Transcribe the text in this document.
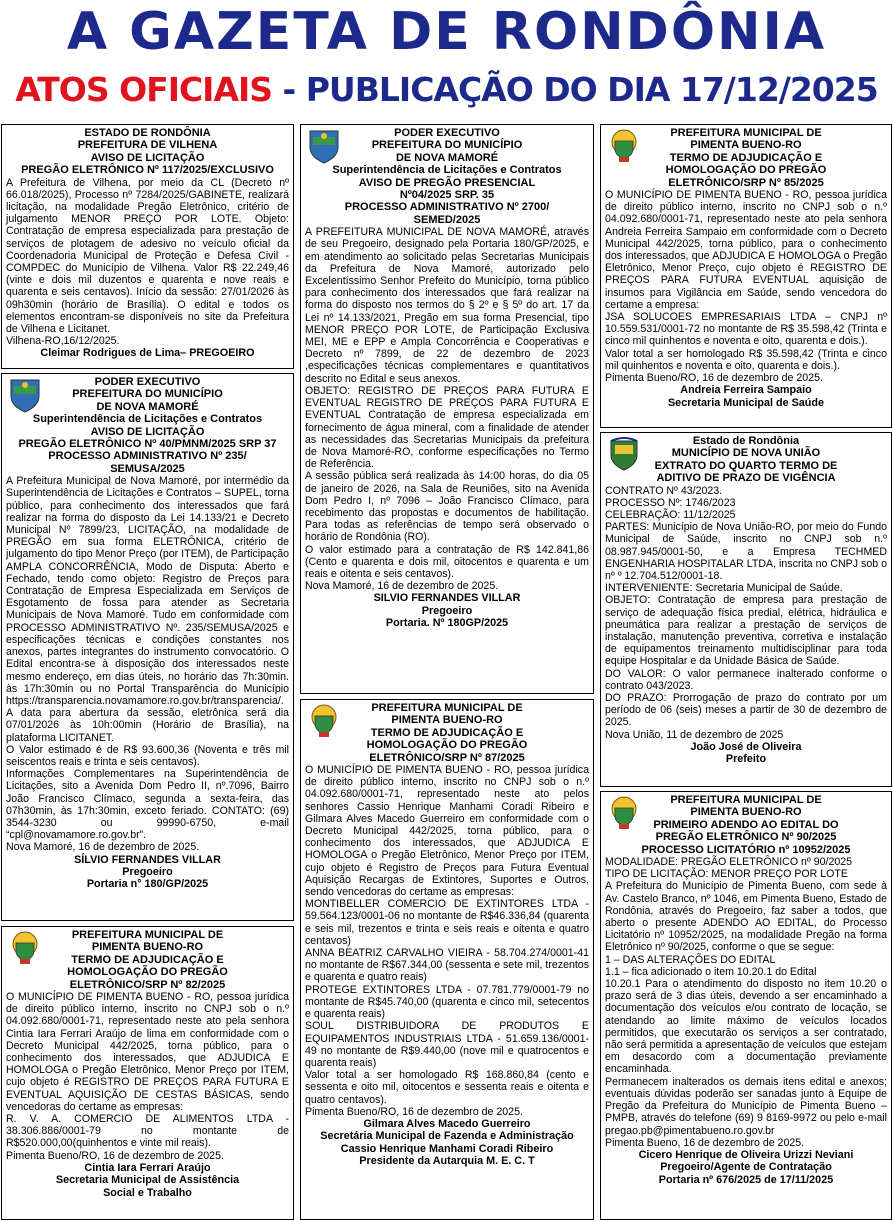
A GAZETA DE RONDÔNIA
ATOS OFICIAIS - PUBLICAÇÃO DO DIA 17/12/2025
ESTADO DE RONDÔNIA
PREFEITURA DE VILHENA
AVISO DE LICITAÇÃO
PREGÃO ELETRÔNICO Nº 117/2025/EXCLUSIVO

A Prefeitura de Vilhena, por meio da CL (Decreto nº 66.018/2025), Processo nº 7284/2025/GABINETE, realizará licitação, na modalidade Pregão Eletrônico, critério de julgamento MENOR PREÇO POR LOTE. Objeto: Contratação de empresa especializada para prestação de serviços de plotagem de adesivo no veículo oficial da Coordenadoria Municipal de Proteção e Defesa Civil - COMPDEC do Município de Vilhena. Valor R$ 22.249,46 (vinte e dois mil duzentos e quarenta e nove reais e quarenta e seis centavos). Início da sessão: 27/01/2026 às 09h30min (horário de Brasília). O edital e todos os elementos encontram-se disponíveis no site da Prefeitura de Vilhena e Licitanet.

Vilhena-RO,16/12/2025.

Cleimar Rodrigues de Lima– PREGOEIRO
PODER EXECUTIVO
PREFEITURA DO MUNICÍPIO
DE NOVA MAMORÉ
Superintendência de Licitações e Contratos
AVISO DE LICITAÇÃO
PREGÃO ELETRÔNICO Nº 40/PMNM/2025 SRP 37
PROCESSO ADMINISTRATIVO Nº 235/
SEMUSA/2025

A Prefeitura Municipal de Nova Mamoré, por intermédio da Superintendência de Licitações e Contratos – SUPEL, torna público, para conhecimento dos interessados que fará realizar na forma do disposto da Lei 14.133/21 e Decreto Municipal Nº 7899/23, LICITAÇÃO, na modalidade de PREGÃO em sua forma ELETRÔNICA, critério de julgamento do tipo Menor Preço (por ITEM), de Participação AMPLA CONCORRÊNCIA, Modo de Disputa: Aberto e Fechado, tendo como objeto: Registro de Preços para Contratação de Empresa Especializada em Serviços de Esgotamento de fossa para atender as Secretaria Municipais de Nova Mamoré. Tudo em conformidade com PROCESSO ADMINISTRATIVO Nº. 235/SEMUSA/2025 e especificações técnicas e condições constantes nos anexos, partes integrantes do instrumento convocatório. O Edital encontra-se à disposição dos interessados neste mesmo endereço, em dias úteis, no horário das 7h:30min. às 17h:30min ou no Portal Transparência do Município https://transparencia.novamamore.ro.gov.br/transparencia/. A data para abertura da sessão, eletrônica será dia 07/01/2026 às 10h:00min (Horário de Brasília), na plataforma LICITANET.

O Valor estimado é de R$ 93.600,36 (Noventa e três mil seiscentos reais e trinta e seis centavos).

Informações Complementares na Superintendência de Licitações, sito a Avenida Dom Pedro II, nº.7096, Bairro João Francisco Clímaco, segunda a sexta-feira, das 07h30min, às 17h:30min, exceto feriado. CONTATO: (69) 3544-3230 ou 99990-6750, e-mail “cpl@novamamore.ro.gov.br”.

Nova Mamoré, 16 de dezembro de 2025.

SÍLVIO FERNANDES VILLAR
Pregoeiro
Portaria n° 180/GP/2025
PREFEITURA MUNICIPAL DE
PIMENTA BUENO-RO
TERMO DE ADJUDICAÇÃO E
HOMOLOGAÇÃO DO PREGÃO
ELETRÔNICO/SRP Nº 82/2025

O MUNICÍPIO DE PIMENTA BUENO - RO, pessoa jurídica de direito público interno, inscrito no CNPJ sob o n.º 04.092.680/0001-71, representado neste ato pela senhora Cintia Iara Ferrari Araújo de lima em conformidade com o Decreto Municipal 442/2025, torna público, para o conhecimento dos interessados, que ADJUDICA E HOMOLOGA o Pregão Eletrônico, Menor Preço por ITEM, cujo objeto é REGISTRO DE PREÇOS PARA FUTURA E EVENTUAL AQUISIÇÃO DE CESTAS BÁSICAS, sendo vencedoras do certame as empresas:

R. V. A. COMERCIO DE ALIMENTOS LTDA - 38.306.886/0001-79 no montante de R$520.000,00(quinhentos e vinte mil reais).

Pimenta Bueno/RO, 16 de dezembro de 2025.

Cintia Iara Ferrari Araújo
Secretaria Municipal de Assistência
Social e Trabalho
PODER EXECUTIVO
PREFEITURA DO MUNICÍPIO
DE NOVA MAMORÉ
Superintendência de Licitações e Contratos
AVISO DE PREGÃO PRESENCIAL
Nº04/2025 SRP. 35
PROCESSO ADMINISTRATIVO Nº 2700/
SEMED/2025

A PREFEITURA MUNICIPAL DE NOVA MAMORÉ, através de seu Pregoeiro, designado pela Portaria 180/GP/2025, e em atendimento ao solicitado pelas Secretarias Municipais da Prefeitura de Nova Mamoré, autorizado pelo Excelentíssimo Senhor Prefeito do Município, torna público para conhecimento dos interessados que fará realizar na forma do disposto nos termos do § 2º e § 5º do art. 17 da Lei nº 14.133/2021, Pregão em sua forma Presencial, tipo MENOR PREÇO POR LOTE, de Participação Exclusiva MEI, ME e EPP e Ampla Concorrência e Cooperativas e Decreto nº 7899, de 22 de dezembro de 2023 ,especificações técnicas complementares e quantitativos descrito no Edital e seus anexos.

OBJETO: REGISTRO DE PREÇOS PARA FUTURA E EVENTUAL REGISTRO DE PREÇOS PARA FUTURA E EVENTUAL Contratação de empresa especializada em fornecimento de água mineral, com a finalidade de atender as necessidades das Secretarias Municipais da prefeitura de Nova Mamoré-RO, conforme especificações no Termo de Referência.

A sessão pública será realizada às 14:00 horas, do dia 05 de janeiro de 2026, na Sala de Reuniões, sito na Avenida Dom Pedro I, nº 7096 – João Francisco Clímaco, para recebimento das propostas e documentos de habilitação. Para todas as referências de tempo será observado o horário de Rondônia (RO).

O valor estimado para a contratação de R$ 142.841,86 (Cento e quarenta e dois mil, oitocentos e quarenta e um reais e oitenta e seis centavos).

Nova Mamoré, 16 de dezembro de 2025.

SILVIO FERNANDES VILLAR
Pregoeiro
Portaria. Nº 180GP/2025
PREFEITURA MUNICIPAL DE
PIMENTA BUENO-RO
TERMO DE ADJUDICAÇÃO E
HOMOLOGAÇÃO DO PREGÃO
ELETRÔNICO/SRP Nº 87/2025

O MUNICÍPIO DE PIMENTA BUENO - RO, pessoa jurídica de direito público interno, inscrito no CNPJ sob o n.º 04.092.680/0001-71, representado neste ato pelos senhores Cassio Henrique Manhami Coradi Ribeiro e Gilmara Alves Macedo Guerreiro em conformidade com o Decreto Municipal 442/2025, torna público, para o conhecimento dos interessados, que ADJUDICA E HOMOLOGA o Pregão Eletrônico, Menor Preço por ITEM, cujo objeto é Registro de Preços para Futura Eventual Aquisição Recargas de Extintores, Suportes e Outros, sendo vencedoras do certame as empresas:

MONTIBELLER COMERCIO DE EXTINTORES LTDA - 59.564.123/0001-06 no montante de R$46.336,84 (quarenta e seis mil, trezentos e trinta e seis reais e oitenta e quatro centavos)

ANNA BEATRIZ CARVALHO VIEIRA - 58.704.274/0001-41 no montante de R$67.344,00 (sessenta e sete mil, trezentos e quarenta e quatro reais)

PROTEGE EXTINTORES LTDA - 07.781.779/0001-79 no montante de R$45.740,00 (quarenta e cinco mil, setecentos e quarenta reais)

SOUL DISTRIBUIDORA DE PRODUTOS E EQUIPAMENTOS INDUSTRIAIS LTDA - 51.659.136/0001-49 no montante de R$9.440,00 (nove mil e quatrocentos e quarenta reais)

Valor total a ser homologado R$ 168.860,84 (cento e sessenta e oito mil, oitocentos e sessenta reais e oitenta e quatro centavos).

Pimenta Bueno/RO, 16 de dezembro de 2025.

Gilmara Alves Macedo Guerreiro
Secretária Municipal de Fazenda e Administração
Cassio Henrique Manhami Coradi Ribeiro
Presidente da Autarquia M. E. C. T
PREFEITURA MUNICIPAL DE
PIMENTA BUENO-RO
TERMO DE ADJUDICAÇÃO E
HOMOLOGAÇÃO DO PREGÃO
ELETRÔNICO/SRP Nº 85/2025

O MUNICÍPIO DE PIMENTA BUENO - RO, pessoa jurídica de direito público interno, inscrito no CNPJ sob o n.º 04.092.680/0001-71, representado neste ato pela senhora Andreia Ferreira Sampaio em conformidade com o Decreto Municipal 442/2025, torna público, para o conhecimento dos interessados, que ADJUDICA E HOMOLOGA o Pregão Eletrônico, Menor Preço, cujo objeto é REGISTRO DE PREÇOS PARA FUTURA EVENTUAL aquisição de insumos para Vigilância em Saúde, sendo vencedora do certame a empresa:

JSA SOLUCOES EMPRESARIAIS LTDA – CNPJ nº 10.559.531/0001-72 no montante de R$ 35.598,42 (Trinta e cinco mil quinhentos e noventa e oito, quarenta e dois.).

Valor total a ser homologado R$ 35.598,42 (Trinta e cinco mil quinhentos e noventa e oito, quarenta e dois.).

Pimenta Bueno/RO, 16 de dezembro de 2025.

Andreia Ferreira Sampaio
Secretaria Municipal de Saúde
Estado de Rondônia
MUNICÍPIO DE NOVA UNIÃO
EXTRATO DO QUARTO TERMO DE
ADITIVO DE PRAZO DE VIGÊNCIA

CONTRATO Nº 43/2023.

PROCESSO Nº: 1746/2023

CELEBRAÇÃO: 11/12/2025

PARTES: Município de Nova União-RO, por meio do Fundo Municipal de Saúde, inscrito no CNPJ sob n.º 08.987.945/0001-50, e a Empresa TECHMED ENGENHARIA HOSPITALAR LTDA, inscrita no CNPJ sob o nº º 12.704.512/0001-18.

INTERVENIENTE: Secretaria Municipal de Saúde.

OBJETO: Contratação de empresa para prestação de serviço de adequação física predial, elétrica, hidráulica e pneumática para realizar a prestação de serviços de instalação, manutenção preventiva, corretiva e instalação de equipamentos treinamento multidisciplinar para toda equipe Hospitalar e da Unidade Básica de Saúde.

DO VALOR: O valor permanece inalterado conforme o contrato 043/2023.

DO PRAZO: Prorrogação de prazo do contrato por um período de 06 (seis) meses a partir de 30 de dezembro de 2025.

Nova União, 11 de dezembro de 2025

João José de Oliveira
Prefeito
PREFEITURA MUNICIPAL DE
PIMENTA BUENO-RO
PRIMEIRO ADENDO AO EDITAL DO
PREGÃO ELETRÔNICO Nº 90/2025
PROCESSO LICITATÓRIO nº 10952/2025

MODALIDADE: PREGÃO ELETRÔNICO nº 90/2025

TIPO DE LICITAÇÃO: MENOR PREÇO POR LOTE

A Prefeitura do Município de Pimenta Bueno, com sede à Av. Castelo Branco, nº 1046, em Pimenta Bueno, Estado de Rondônia, através do Pregoeiro, faz saber a todos, que aberto o presente ADENDO AO EDITAL, do Processo Licitatório nº 10952/2025, na modalidade Pregão na forma Eletrônico nº 90/2025, conforme o que se segue:

1 – DAS ALTERAÇÕES DO EDITAL

1.1 – fica adicionado o item 10.20.1 do Edital

10.20.1 Para o atendimento do disposto no item 10.20 o prazo será de 3 dias úteis, devendo a ser encaminhado a documentação dos veículos e/ou contrato de locação, se atendando ao limite máximo de veículos locados permitidos, que executarão os serviços a ser contratado, não será permitida a apresentação de veículos que estejam em desacordo com a documentação previamente encaminhada.

Permanecem inalterados os demais itens edital e anexos; eventuais dúvidas poderão ser sanadas junto à Equipe de Pregão da Prefeitura do Município de Pimenta Bueno – PMPB, através do telefone (69) 9 8169-9972 ou pelo e-mail pregao.pb@pimentabueno.ro.gov.br

Pimenta Bueno, 16 de dezembro de 2025.

Cicero Henrique de Oliveira Urizzi Neviani
Pregoeiro/Agente de Contratação
Portaria nº 676/2025 de 17/11/2025
